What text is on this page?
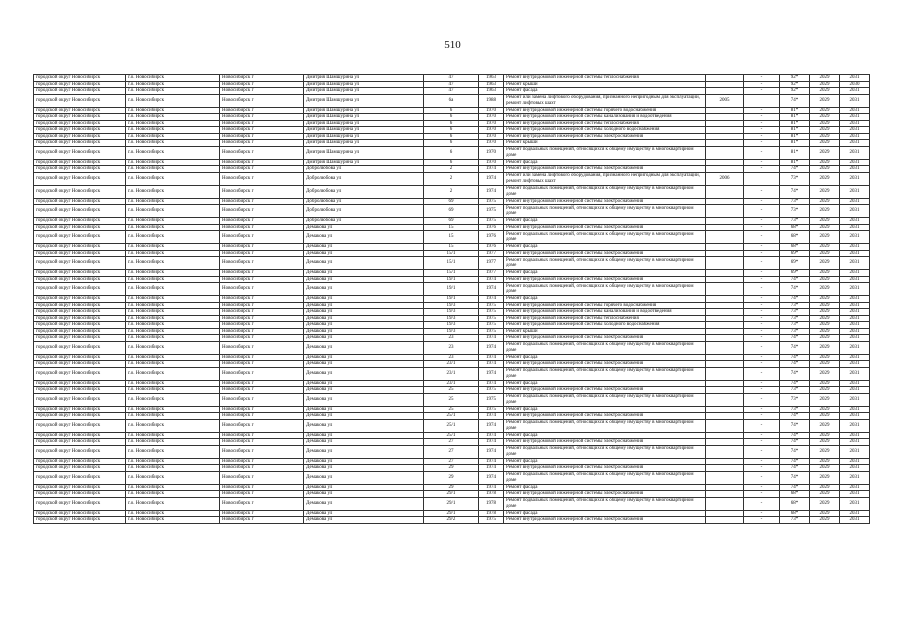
510
городской округ Новосибирск	г.о. Новосибирск	Новосибирск г	Дмитрия Шамшурина ул	47	1963	Ремонт внутридомовой инженерной системы теплоснабжения		-	92*	2029	2031
городской округ Новосибирск	г.о. Новосибирск	Новосибирск г	Дмитрия Шамшурина ул	47	1963	Ремонт крыши		-	92*	2029	2030
городской округ Новосибирск	г.о. Новосибирск	Новосибирск г	Дмитрия Шамшурина ул	47	1963	Ремонт фасада		-	92*	2029	2031
городской округ Новосибирск	г.о. Новосибирск	Новосибирск г	Дмитрия Шамшурина ул	6а	1988	Ремонт или замена лифтового оборудования, признанного непригодным для эксплуатации, ремонт лифтовых шахт	2005		74*	2029	2031
городской округ Новосибирск	г.о. Новосибирск	Новосибирск г	Дмитрия Шамшурина ул	6	1970	Ремонт внутридомовой инженерной системы горячего водоснабжения		-	81*	2029	2031
городской округ Новосибирск	г.о. Новосибирск	Новосибирск г	Дмитрия Шамшурина ул	6	1970	Ремонт внутридомовой инженерной системы канализования и водоотведения		-	81*	2029	2031
городской округ Новосибирск	г.о. Новосибирск	Новосибирск г	Дмитрия Шамшурина ул	6	1970	Ремонт внутридомовой инженерной системы теплоснабжения		-	81*	2029	2031
городской округ Новосибирск	г.о. Новосибирск	Новосибирск г	Дмитрия Шамшурина ул	6	1970	Ремонт внутридомовой инженерной системы холодного водоснабжения		-	81*	2029	2031
городской округ Новосибирск	г.о. Новосибирск	Новосибирск г	Дмитрия Шамшурина ул	6	1970	Ремонт внутридомовой инженерной системы электроснабжения		-	81*	2029	2031
городской округ Новосибирск	г.о. Новосибирск	Новосибирск г	Дмитрия Шамшурина ул	6	1970	Ремонт крыши		-	81*	2029	2031
городской округ Новосибирск	г.о. Новосибирск	Новосибирск г	Дмитрия Шамшурина ул	6	1970	Ремонт подвальных помещений, относящихся к общему имуществу в многоквартирном доме		-	81*	2029	2031
городской округ Новосибирск	г.о. Новосибирск	Новосибирск г	Дмитрия Шамшурина ул	6	1970	Ремонт фасада		-	81*	2029	2031
городской округ Новосибирск	г.о. Новосибирск	Новосибирск г	Добролюбова ул	2	1974	Ремонт внутридомовой инженерной системы электроснабжения		-	74*	2029	2031
городской округ Новосибирск	г.о. Новосибирск	Новосибирск г	Добролюбова ул	2	1974	Ремонт или замена лифтового оборудования, признанного непригодным для эксплуатации, ремонт лифтовых шахт	2006		73*	2029	2031
городской округ Новосибирск	г.о. Новосибирск	Новосибирск г	Добролюбова ул	2	1974	Ремонт подвальных помещений, относящихся к общему имуществу в многоквартирном доме		-	74*	2029	2031
городской округ Новосибирск	г.о. Новосибирск	Новосибирск г	Добролюбова ул	69	1975	Ремонт внутридомовой инженерной системы электроснабжения		-	73*	2029	2031
городской округ Новосибирск	г.о. Новосибирск	Новосибирск г	Добролюбова ул	69	1975	Ремонт подвальных помещений, относящихся к общему имуществу в многоквартирном доме		-	73*	2029	2031
городской округ Новосибирск	г.о. Новосибирск	Новосибирск г	Добролюбова ул	69	1975	Ремонт фасада		-	73*	2029	2031
городской округ Новосибирск	г.о. Новосибирск	Новосибирск г	Демакова ул	15	1976	Ремонт внутридомовой инженерной системы электроснабжения		-	68*	2029	2031
городской округ Новосибирск	г.о. Новосибирск	Новосибирск г	Демакова ул	15	1976	Ремонт подвальных помещений, относящихся к общему имуществу в многоквартирном доме		-	68*	2029	2031
городской округ Новосибирск	г.о. Новосибирск	Новосибирск г	Демакова ул	15	1976	Ремонт фасада		-	68*	2029	2031
городской округ Новосибирск	г.о. Новосибирск	Новосибирск г	Демакова ул	15/1	1977	Ремонт внутридомовой инженерной системы электроснабжения		-	69*	2029	2031
городской округ Новосибирск	г.о. Новосибирск	Новосибирск г	Демакова ул	15/1	1977	Ремонт подвальных помещений, относящихся к общему имуществу в многоквартирном доме		-	69*	2029	2031
городской округ Новосибирск	г.о. Новосибирск	Новосибирск г	Демакова ул	15/1	1977	Ремонт фасада		-	69*	2029	2031
городской округ Новосибирск	г.о. Новосибирск	Новосибирск г	Демакова ул	19/1	1974	Ремонт внутридомовой инженерной системы электроснабжения		-	74*	2029	2031
городской округ Новосибирск	г.о. Новосибирск	Новосибирск г	Демакова ул	19/1	1974	Ремонт подвальных помещений, относящихся к общему имуществу в многоквартирном доме		-	74*	2029	2031
городской округ Новосибирск	г.о. Новосибирск	Новосибирск г	Демакова ул	19/1	1974	Ремонт фасада		-	74*	2029	2031
городской округ Новосибирск	г.о. Новосибирск	Новосибирск г	Демакова ул	19/3	1975	Ремонт внутридомовой инженерной системы горячего водоснабжения		-	73*	2029	2031
городской округ Новосибирск	г.о. Новосибирск	Новосибирск г	Демакова ул	19/3	1975	Ремонт внутридомовой инженерной системы канализования и водоотведения		-	73*	2029	2031
городской округ Новосибирск	г.о. Новосибирск	Новосибирск г	Демакова ул	19/3	1975	Ремонт внутридомовой инженерной системы теплоснабжения		-	73*	2029	2031
городской округ Новосибирск	г.о. Новосибирск	Новосибирск г	Демакова ул	19/3	1975	Ремонт внутридомовой инженерной системы холодного водоснабжения		-	73*	2029	2031
городской округ Новосибирск	г.о. Новосибирск	Новосибирск г	Демакова ул	19/3	1975	Ремонт крыши		-	73*	2029	2031
городской округ Новосибирск	г.о. Новосибирск	Новосибирск г	Демакова ул	23	1974	Ремонт внутридомовой инженерной системы электроснабжения		-	74*	2029	2031
городской округ Новосибирск	г.о. Новосибирск	Новосибирск г	Демакова ул	23	1974	Ремонт подвальных помещений, относящихся к общему имуществу в многоквартирном доме		-	74*	2029	2031
городской округ Новосибирск	г.о. Новосибирск	Новосибирск г	Демакова ул	23	1974	Ремонт фасада		-	74*	2029	2031
городской округ Новосибирск	г.о. Новосибирск	Новосибирск г	Демакова ул	23/1	1974	Ремонт внутридомовой инженерной системы электроснабжения		-	74*	2029	2031
городской округ Новосибирск	г.о. Новосибирск	Новосибирск г	Демакова ул	23/1	1974	Ремонт подвальных помещений, относящихся к общему имуществу в многоквартирном доме		-	74*	2029	2031
городской округ Новосибирск	г.о. Новосибирск	Новосибирск г	Демакова ул	23/1	1974	Ремонт фасада		-	74*	2029	2031
городской округ Новосибирск	г.о. Новосибирск	Новосибирск г	Демакова ул	25	1975	Ремонт внутридомовой инженерной системы электроснабжения		-	73*	2029	2031
городской округ Новосибирск	г.о. Новосибирск	Новосибирск г	Демакова ул	25	1975	Ремонт подвальных помещений, относящихся к общему имуществу в многоквартирном доме		-	73*	2029	2031
городской округ Новосибирск	г.о. Новосибирск	Новосибирск г	Демакова ул	25	1975	Ремонт фасада		-	73*	2029	2031
городской округ Новосибирск	г.о. Новосибирск	Новосибирск г	Демакова ул	25/1	1974	Ремонт внутридомовой инженерной системы электроснабжения		-	74*	2029	2031
городской округ Новосибирск	г.о. Новосибирск	Новосибирск г	Демакова ул	25/1	1974	Ремонт подвальных помещений, относящихся к общему имуществу в многоквартирном доме		-	74*	2029	2031
городской округ Новосибирск	г.о. Новосибирск	Новосибирск г	Демакова ул	25/1	1974	Ремонт фасада		-	74*	2029	2031
городской округ Новосибирск	г.о. Новосибирск	Новосибирск г	Демакова ул	27	1974	Ремонт внутридомовой инженерной системы электроснабжения		-	74*	2029	2031
городской округ Новосибирск	г.о. Новосибирск	Новосибирск г	Демакова ул	27	1974	Ремонт подвальных помещений, относящихся к общему имуществу в многоквартирном доме		-	74*	2029	2031
городской округ Новосибирск	г.о. Новосибирск	Новосибирск г	Демакова ул	27	1974	Ремонт фасада		-	74*	2029	2031
городской округ Новосибирск	г.о. Новосибирск	Новосибирск г	Демакова ул	29	1974	Ремонт внутридомовой инженерной системы электроснабжения		-	74*	2029	2031
городской округ Новосибирск	г.о. Новосибирск	Новосибирск г	Демакова ул	29	1974	Ремонт подвальных помещений, относящихся к общему имуществу в многоквартирном доме		-	74*	2029	2031
городской округ Новосибирск	г.о. Новосибирск	Новосибирск г	Демакова ул	29	1974	Ремонт фасада		-	74*	2029	2031
городской округ Новосибирск	г.о. Новосибирск	Новосибирск г	Демакова ул	29/1	1978	Ремонт внутридомовой инженерной системы электроснабжения		-	68*	2029	2031
городской округ Новосибирск	г.о. Новосибирск	Новосибирск г	Демакова ул	29/1	1978	Ремонт подвальных помещений, относящихся к общему имуществу в многоквартирном доме		-	68*	2029	2031
городской округ Новосибирск	г.о. Новосибирск	Новосибирск г	Демакова ул	29/1	1978	Ремонт фасада		-	68*	2029	2031
городской округ Новосибирск	г.о. Новосибирск	Новосибирск г	Демакова ул	29/2	1975	Ремонт внутридомовой инженерной системы электроснабжения		-	73*	2029	2031
